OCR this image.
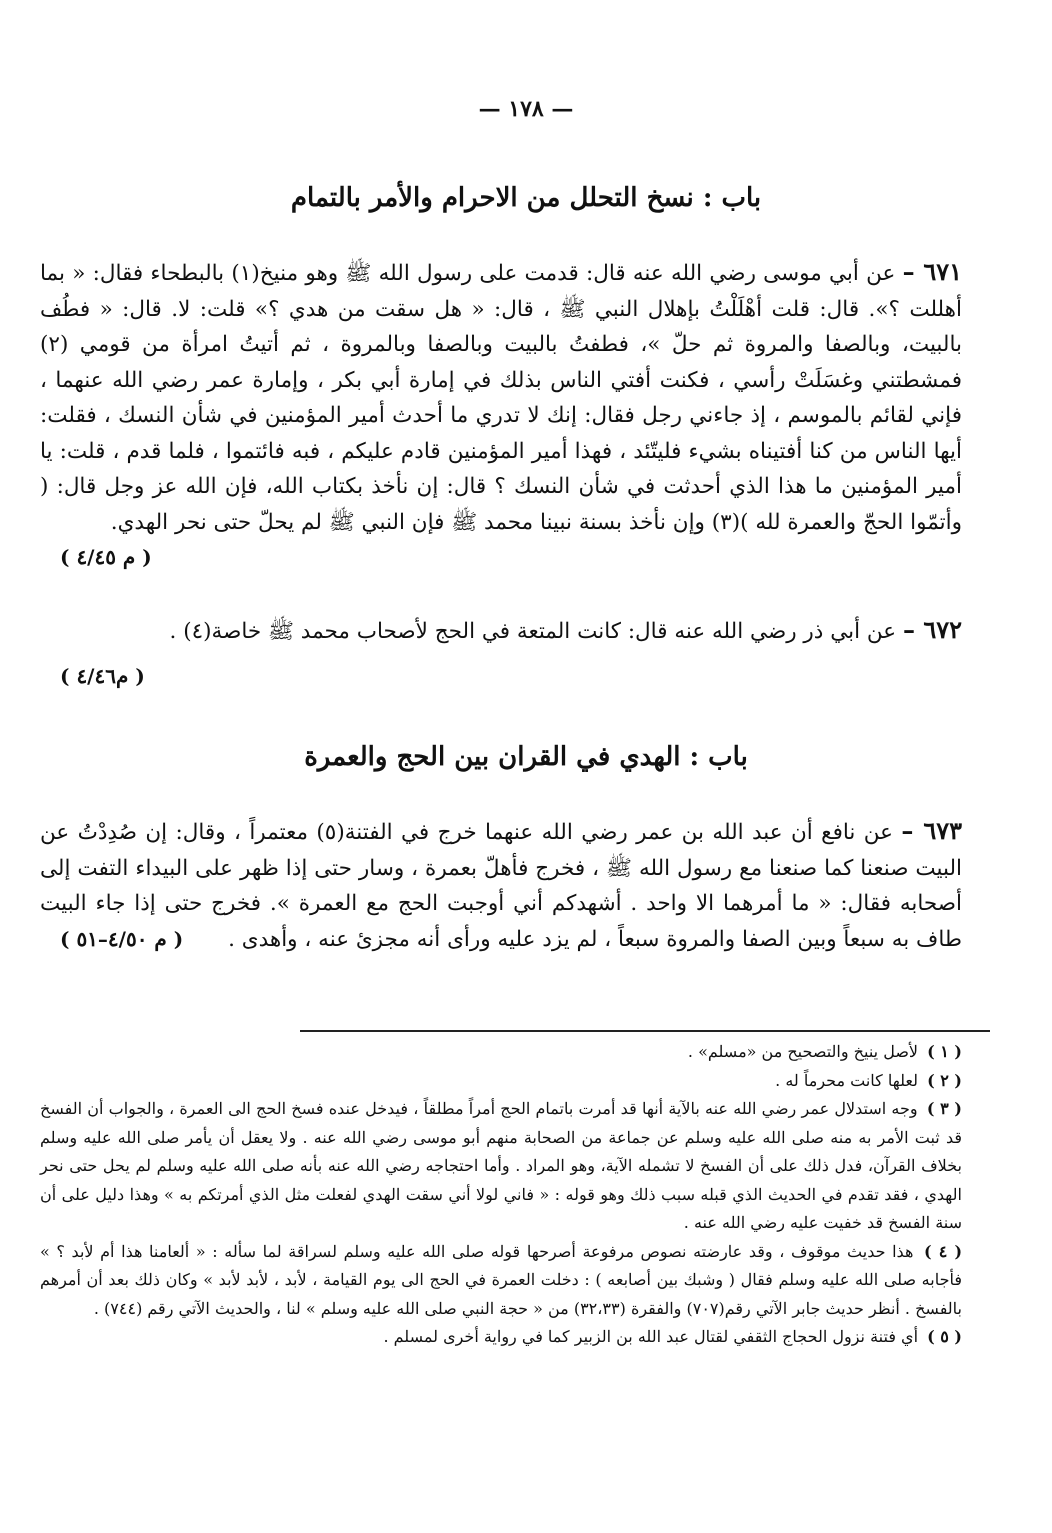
— ١٧٨ —
باب : نسخ التحلل من الاحرام والأمر بالتمام
٦٧١ – عن أبي موسى رضي الله عنه قال: قدمت على رسول الله ﷺ وهو منيخ(١) بالبطحاء فقال: « بما أهللت ؟». قال: قلت أهْلَلْتُ بإهلال النبي ﷺ ، قال: « هل سقت من هدي ؟» قلت: لا. قال: « فطُف بالبيت، وبالصفا والمروة ثم حلّ »، فطفتُ بالبيت وبالصفا وبالمروة ، ثم أتيتُ امرأة من قومي (٢) فمشطتني وغسَلَتْ رأسي ، فكنت أفتي الناس بذلك في إمارة أبي بكر ، وإمارة عمر رضي الله عنهما ، فإني لقائم بالموسم ، إذ جاءني رجل فقال: إنك لا تدري ما أحدث أمير المؤمنين في شأن النسك ، فقلت: أيها الناس من كنا أفتيناه بشيء فليتّئد ، فهذا أمير المؤمنين قادم عليكم ، فبه فائتموا ، فلما قدم ، قلت: يا أمير المؤمنين ما هذا الذي أحدثت في شأن النسك ؟ قال: إن نأخذ بكتاب الله، فإن الله عز وجل قال: ( وأتمّوا الحجّ والعمرة لله )(٣) وإن نأخذ بسنة نبينا محمد ﷺ فإن النبي ﷺ لم يحلّ حتى نحر الهدي.
( م ٤/٤٥ )
٦٧٢ – عن أبي ذر رضي الله عنه قال: كانت المتعة في الحج لأصحاب محمد ﷺ خاصة(٤) .
( م٤/٤٦ )
باب : الهدي في القران بين الحج والعمرة
٦٧٣ – عن نافع أن عبد الله بن عمر رضي الله عنهما خرج في الفتنة(٥) معتمراً ، وقال: إن صُدِدْتُ عن البيت صنعنا كما صنعنا مع رسول الله ﷺ ، فخرج فأهلّ بعمرة ، وسار حتى إذا ظهر على البيداء التفت إلى أصحابه فقال: « ما أمرهما الا واحد . أشهدكم أني أوجبت الحج مع العمرة ». فخرج حتى إذا جاء البيت طاف به سبعاً وبين الصفا والمروة سبعاً ، لم يزد عليه ورأى أنه مجزئ عنه ، وأهدى .
( م ٤/٥٠–٥١ )

( ١ ) لأصل ينيخ والتصحيح من «مسلم» .

( ٢ ) لعلها كانت محرماً له .

( ٣ ) وجه استدلال عمر رضي الله عنه بالآية أنها قد أمرت باتمام الحج أمراً مطلقاً ، فيدخل عنده فسخ الحج الى العمرة ، والجواب أن الفسخ قد ثبت الأمر به منه صلى الله عليه وسلم عن جماعة من الصحابة منهم أبو موسى رضي الله عنه . ولا يعقل أن يأمر صلى الله عليه وسلم بخلاف القرآن، فدل ذلك على أن الفسخ لا تشمله الآية، وهو المراد . وأما احتجاجه رضي الله عنه بأنه صلى الله عليه وسلم لم يحل حتى نحر الهدي ، فقد تقدم في الحديث الذي قبله سبب ذلك وهو قوله : « فاني لولا أني سقت الهدي لفعلت مثل الذي أمرتكم به » وهذا دليل على أن سنة الفسخ قد خفيت عليه رضي الله عنه .

( ٤ ) هذا حديث موقوف ، وقد عارضته نصوص مرفوعة أصرحها قوله صلى الله عليه وسلم لسراقة لما سأله : « ألعامنا هذا أم لأبد ؟ » فأجابه صلى الله عليه وسلم فقال ( وشبك بين أصابعه ) : دخلت العمرة في الحج الى يوم القيامة ، لأبد ، لأبد لأبد » وكان ذلك بعد أن أمرهم بالفسخ . أنظر حديث جابر الآتي رقم(٧٠٧) والفقرة (٣٢،٣٣) من « حجة النبي صلى الله عليه وسلم » لنا ، والحديث الآتي رقم (٧٤٤) .

( ٥ ) أي فتنة نزول الحجاج الثقفي لقتال عبد الله بن الزبير كما في رواية أخرى لمسلم .
